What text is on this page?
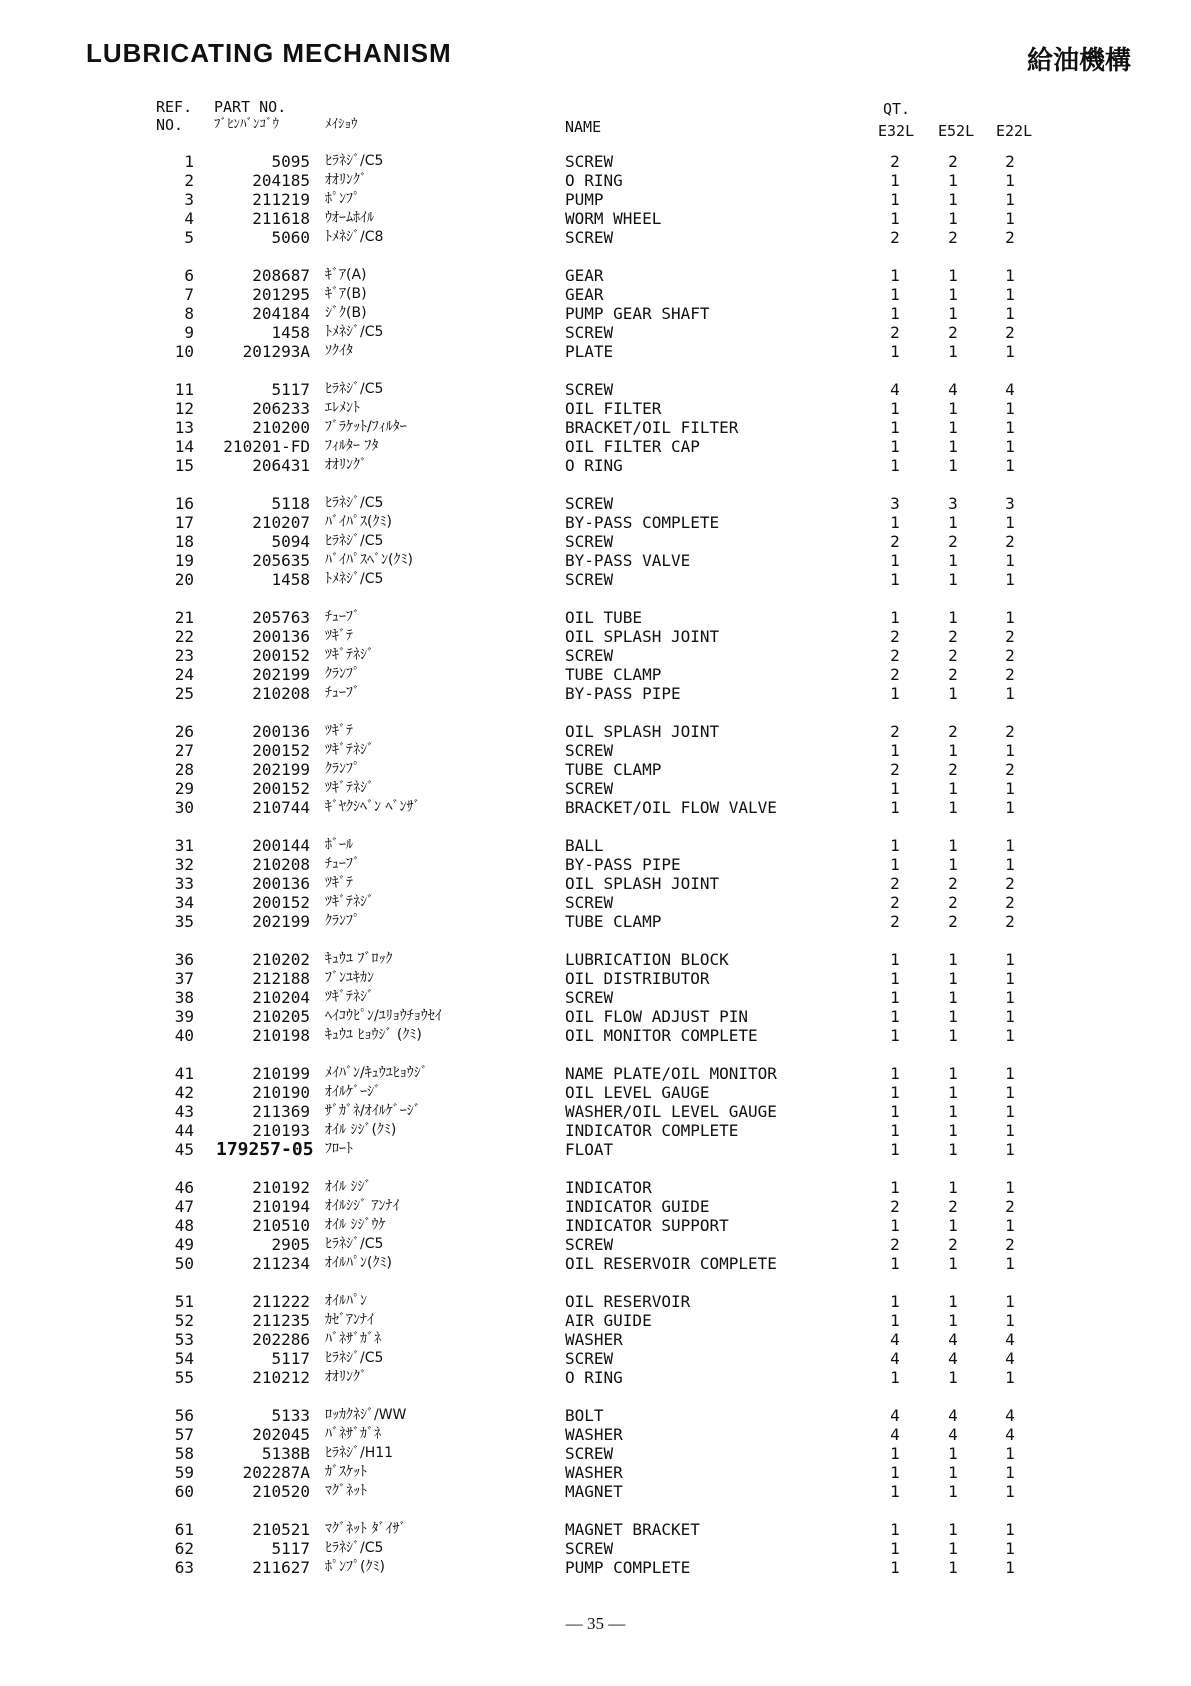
LUBRICATING MECHANISM	給油機構
REF.
NO.
PART NO.
ﾌﾞﾋﾝﾊﾞﾝｺﾞｳ	ﾒｲｼｮｳ	NAME
QT.
E32L E52L E22L
1	5095 ﾋﾗﾈｼﾞ/C5	SCREW	2	2	2
2	204185 ｵｵﾘﾝｸﾞ	O RING	1	1	1
3	211219 ﾎﾟﾝﾌﾟ	PUMP	1	1	1
4	211618 ｳｵｰﾑﾎｲﾙ	WORM WHEEL	1	1	1
5	5060 ﾄﾒﾈｼﾞ/C8	SCREW	2	2	2
6	208687 ｷﾞｱ(A)	GEAR	1	1	1
7	201295 ｷﾞｱ(B)	GEAR	1	1	1
8	204184 ｼﾞｸ(B)	PUMP GEAR SHAFT	1	1	1
9	1458 ﾄﾒﾈｼﾞ/C5	SCREW	2	2	2
10	201293A ｿｸｲﾀ	PLATE	1	1	1
11	5117 ﾋﾗﾈｼﾞ/C5	SCREW	4	4	4
12	206233 ｴﾚﾒﾝﾄ	OIL FILTER	1	1	1
13	210200 ﾌﾞﾗｹｯﾄ/ﾌｨﾙﾀｰ	BRACKET/OIL FILTER	1	1	1
14	210201-FD ﾌｨﾙﾀｰ ﾌﾀ	OIL FILTER CAP	1	1	1
15	206431 ｵｵﾘﾝｸﾞ	O RING	1	1	1
16	5118 ﾋﾗﾈｼﾞ/C5	SCREW	3	3	3
17	210207 ﾊﾞｲﾊﾟｽ(ｸﾐ)	BY-PASS COMPLETE	1	1	1
18	5094 ﾋﾗﾈｼﾞ/C5	SCREW	2	2	2
19	205635 ﾊﾞｲﾊﾟｽﾍﾞﾝ(ｸﾐ)	BY-PASS VALVE	1	1	1
20	1458 ﾄﾒﾈｼﾞ/C5	SCREW	1	1	1
21	205763 ﾁｭｰﾌﾞ	OIL TUBE	1	1	1
22	200136 ﾂｷﾞﾃ	OIL SPLASH JOINT	2	2	2
23	200152 ﾂｷﾞﾃﾈｼﾞ	SCREW	2	2	2
24	202199 ｸﾗﾝﾌﾟ	TUBE CLAMP	2	2	2
25	210208 ﾁｭｰﾌﾞ	BY-PASS PIPE	1	1	1
26	200136 ﾂｷﾞﾃ	OIL SPLASH JOINT	2	2	2
27	200152 ﾂｷﾞﾃﾈｼﾞ	SCREW	1	1	1
28	202199 ｸﾗﾝﾌﾟ	TUBE CLAMP	2	2	2
29	200152 ﾂｷﾞﾃﾈｼﾞ	SCREW	1	1	1
30	210744 ｷﾞﾔｸｼﾍﾞﾝ ﾍﾞﾝｻﾞ	BRACKET/OIL FLOW VALVE	1	1	1
31	200144 ﾎﾞｰﾙ	BALL	1	1	1
32	210208 ﾁｭｰﾌﾞ	BY-PASS PIPE	1	1	1
33	200136 ﾂｷﾞﾃ	OIL SPLASH JOINT	2	2	2
34	200152 ﾂｷﾞﾃﾈｼﾞ	SCREW	2	2	2
35	202199 ｸﾗﾝﾌﾟ	TUBE CLAMP	2	2	2
36	210202 ｷｭｳﾕ ﾌﾞﾛｯｸ	LUBRICATION BLOCK	1	1	1
37	212188 ﾌﾞﾝﾕｷｶﾝ	OIL DISTRIBUTOR	1	1	1
38	210204 ﾂｷﾞﾃﾈｼﾞ	SCREW	1	1	1
39	210205 ﾍｲｺｳﾋﾟﾝ/ﾕﾘｮｳﾁｮｳｾｲ	OIL FLOW ADJUST PIN	1	1	1
40	210198 ｷｭｳﾕ ﾋｮｳｼﾞ (ｸﾐ)	OIL MONITOR COMPLETE	1	1	1
41	210199 ﾒｲﾊﾞﾝ/ｷｭｳﾕﾋｮｳｼﾞ	NAME PLATE/OIL MONITOR	1	1	1
42	210190 ｵｲﾙｹﾞｰｼﾞ	OIL LEVEL GAUGE	1	1	1
43	211369 ｻﾞｶﾞﾈ/ｵｲﾙｹﾞｰｼﾞ	WASHER/OIL LEVEL GAUGE	1	1	1
44	210193 ｵｲﾙ ｼｼﾞ(ｸﾐ)	INDICATOR COMPLETE	1	1	1
45 179257-05 ﾌﾛｰﾄ	FLOAT	1	1	1
46	210192 ｵｲﾙ ｼｼﾞ	INDICATOR	1	1	1
47	210194 ｵｲﾙｼｼﾞ ｱﾝﾅｲ	INDICATOR GUIDE	2	2	2
48	210510 ｵｲﾙ ｼｼﾞｳｹ	INDICATOR SUPPORT	1	1	1
49	2905 ﾋﾗﾈｼﾞ/C5	SCREW	2	2	2
50	211234 ｵｲﾙﾊﾟﾝ(ｸﾐ)	OIL RESERVOIR COMPLETE	1	1	1
51	211222 ｵｲﾙﾊﾟﾝ	OIL RESERVOIR	1	1	1
52	211235 ｶｾﾞｱﾝﾅｲ	AIR GUIDE	1	1	1
53	202286 ﾊﾞﾈｻﾞｶﾞﾈ	WASHER	4	4	4
54	5117 ﾋﾗﾈｼﾞ/C5	SCREW	4	4	4
55	210212 ｵｵﾘﾝｸﾞ	O RING	1	1	1
56	5133 ﾛｯｶｸﾈｼﾞ/WW	BOLT	4	4	4
57	202045 ﾊﾞﾈｻﾞｶﾞﾈ	WASHER	4	4	4
58	5138B ﾋﾗﾈｼﾞ/H11	SCREW	1	1	1
59	202287A ｶﾞｽｹｯﾄ	WASHER	1	1	1
60	210520 ﾏｸﾞﾈｯﾄ	MAGNET	1	1	1
61	210521 ﾏｸﾞﾈｯﾄ ﾀﾞｲｻﾞ	MAGNET BRACKET	1	1	1
62	5117 ﾋﾗﾈｼﾞ/C5	SCREW	1	1	1
63	211627 ﾎﾟﾝﾌﾟ(ｸﾐ)	PUMP COMPLETE	1	1	1
— 35 —
